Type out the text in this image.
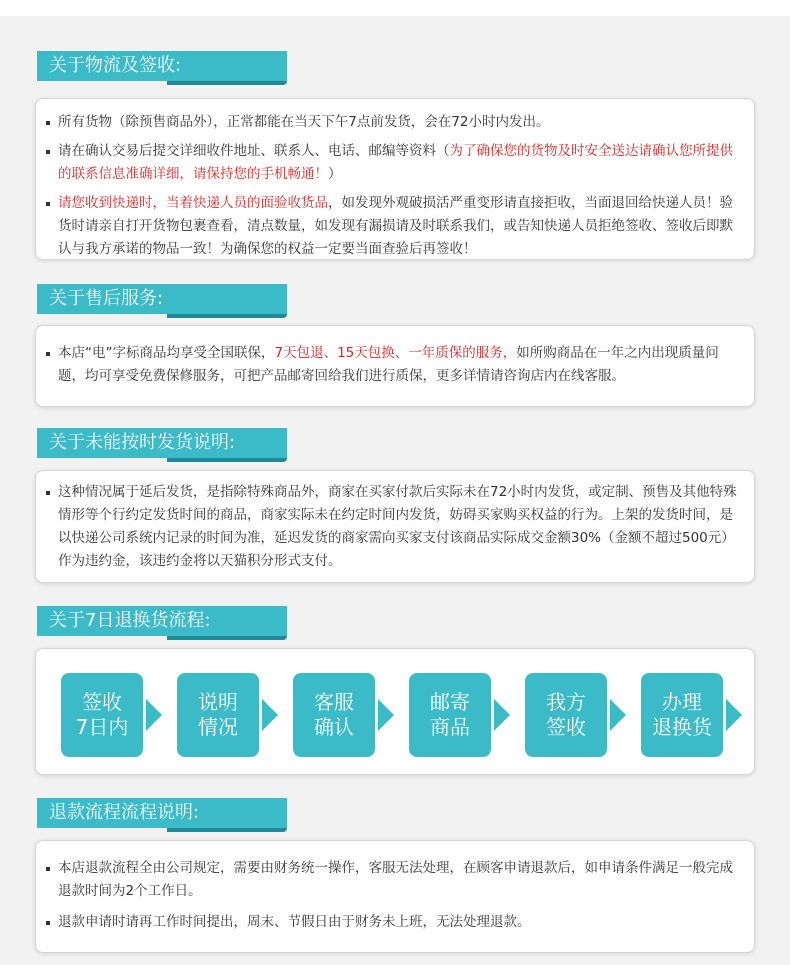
关于物流及签收:
所有货物（除预售商品外），正常都能在当天下午7点前发货，会在72小时内发出。
请在确认交易后提交详细收件地址、联系人、电话、邮编等资料（为了确保您的货物及时安全送达请确认您所提供的联系信息准确详细，请保持您的手机畅通！）
请您收到快递时，当着快递人员的面验收货品，如发现外观破损活严重变形请直接拒收，当面退回给快递人员！验货时请亲自打开货物包裹查看，清点数量，如发现有漏损请及时联系我们，或告知快递人员拒绝签收、签收后即默认与我方承诺的物品一致！为确保您的权益一定要当面查验后再签收！
关于售后服务:
本店“电”字标商品均享受全国联保，7天包退、15天包换、一年质保的服务，如所购商品在一年之内出现质量问题，均可享受免费保修服务，可把产品邮寄回给我们进行质保，更多详情请咨询店内在线客服。
关于未能按时发货说明:
这种情况属于延后发货，是指除特殊商品外，商家在买家付款后实际未在72小时内发货，或定制、预售及其他特殊情形等个行约定发货时间的商品，商家实际未在约定时间内发货，妨碍买家购买权益的行为。上架的发货时间，是以快递公司系统内记录的时间为准，延迟发货的商家需向买家支付该商品实际成交金额30%（金额不超过500元）作为违约金，该违约金将以天猫积分形式支付。
关于7日退换货流程:
签收
7日内
说明
情况
客服
确认
邮寄
商品
我方
签收
办理
退换货
退款流程流程说明:
本店退款流程全由公司规定，需要由财务统一操作，客服无法处理，在顾客申请退款后，如申请条件满足一般完成退款时间为2个工作日。
退款申请时请再工作时间提出，周末、节假日由于财务未上班，无法处理退款。
